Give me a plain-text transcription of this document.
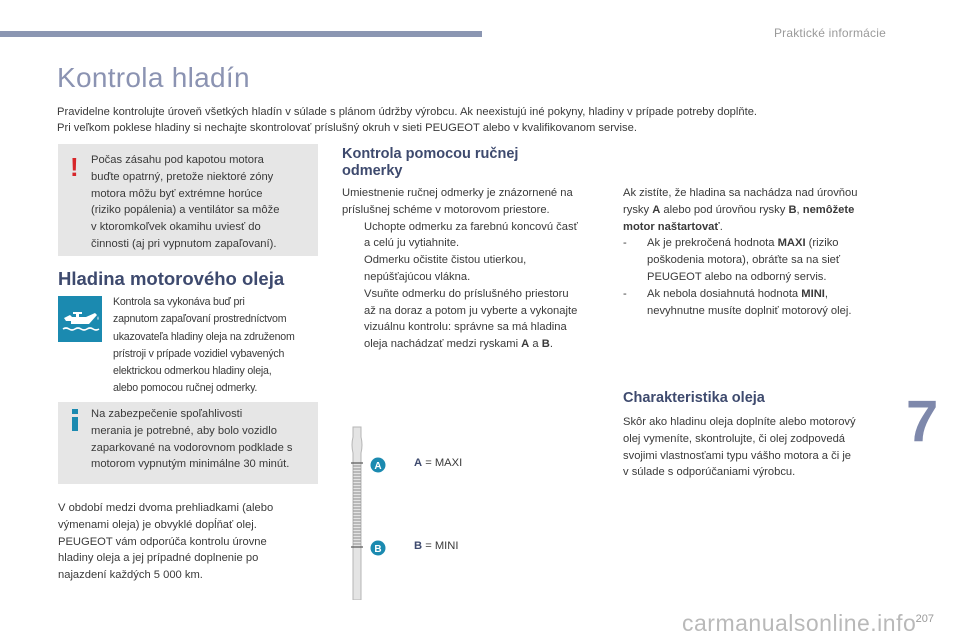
Praktické informácie
Kontrola hladín

Pravidelne kontrolujte úroveň všetkých hladín v súlade s plánom údržby výrobcu. Ak neexistujú iné pokyny, hladiny v prípade potreby doplňte.

Pri veľkom poklese hladiny si nechajte skontrolovať príslušný okruh v sieti PEUGEOT alebo v kvalifikovanom servise.

! Počas zásahu pod kapotou motora
buďte opatrný, pretože niektoré zóny
motora môžu byť extrémne horúce
(riziko popálenia) a ventilátor sa môže
v ktoromkoľvek okamihu uviesť do
činnosti (aj pri vypnutom zapaľovaní).
Hladina motorového oleja
Kontrola sa vykonáva buď pri
zapnutom zapaľovaní prostredníctvom
ukazovateľa hladiny oleja na združenom
prístroji v prípade vozidiel vybavených
elektrickou odmerkou hladiny oleja,
alebo pomocou ručnej odmerky.
Na zabezpečenie spoľahlivosti
merania je potrebné, aby bolo vozidlo
zaparkované na vodorovnom podklade s
motorom vypnutým minimálne 30 minút.
V období medzi dvoma prehliadkami (alebo
výmenami oleja) je obvyklé dopĺňať olej.
PEUGEOT vám odporúča kontrolu úrovne
hladiny oleja a jej prípadné doplnenie po
najazdení každých 5 000 km.
Kontrola pomocou ručnej
odmerky
Umiestnenie ručnej odmerky je znázornené na
príslušnej schéme v motorovom priestore.
Uchopte odmerku za farebnú koncovú časť
a celú ju vytiahnite.
Odmerku očistite čistou utierkou,
nepúšťajúcou vlákna.
Vsuňte odmerku do príslušného priestoru
až na doraz a potom ju vyberte a vykonajte
vizuálnu kontrolu: správne sa má hladina
oleja nachádzať medzi ryskami A a B.
Ak zistíte, že hladina sa nachádza nad úrovňou
rysky A alebo pod úrovňou rysky B, nemôžete
motor naštartovať.
- Ak je prekročená hodnota MAXI (riziko
poškodenia motora), obráťte sa na sieť
PEUGEOT alebo na odborný servis.
- Ak nebola dosiahnutá hodnota MINI,
nevyhnutne musíte doplniť motorový olej.
A
B
A = MAXI
B = MINI
Charakteristika oleja
Skôr ako hladinu oleja doplníte alebo motorový
olej vymeníte, skontrolujte, či olej zodpovedá
svojimi vlastnosťami typu vášho motora a či je
v súlade s odporúčaniami výrobcu.
7
207
carmanualsonline.info
